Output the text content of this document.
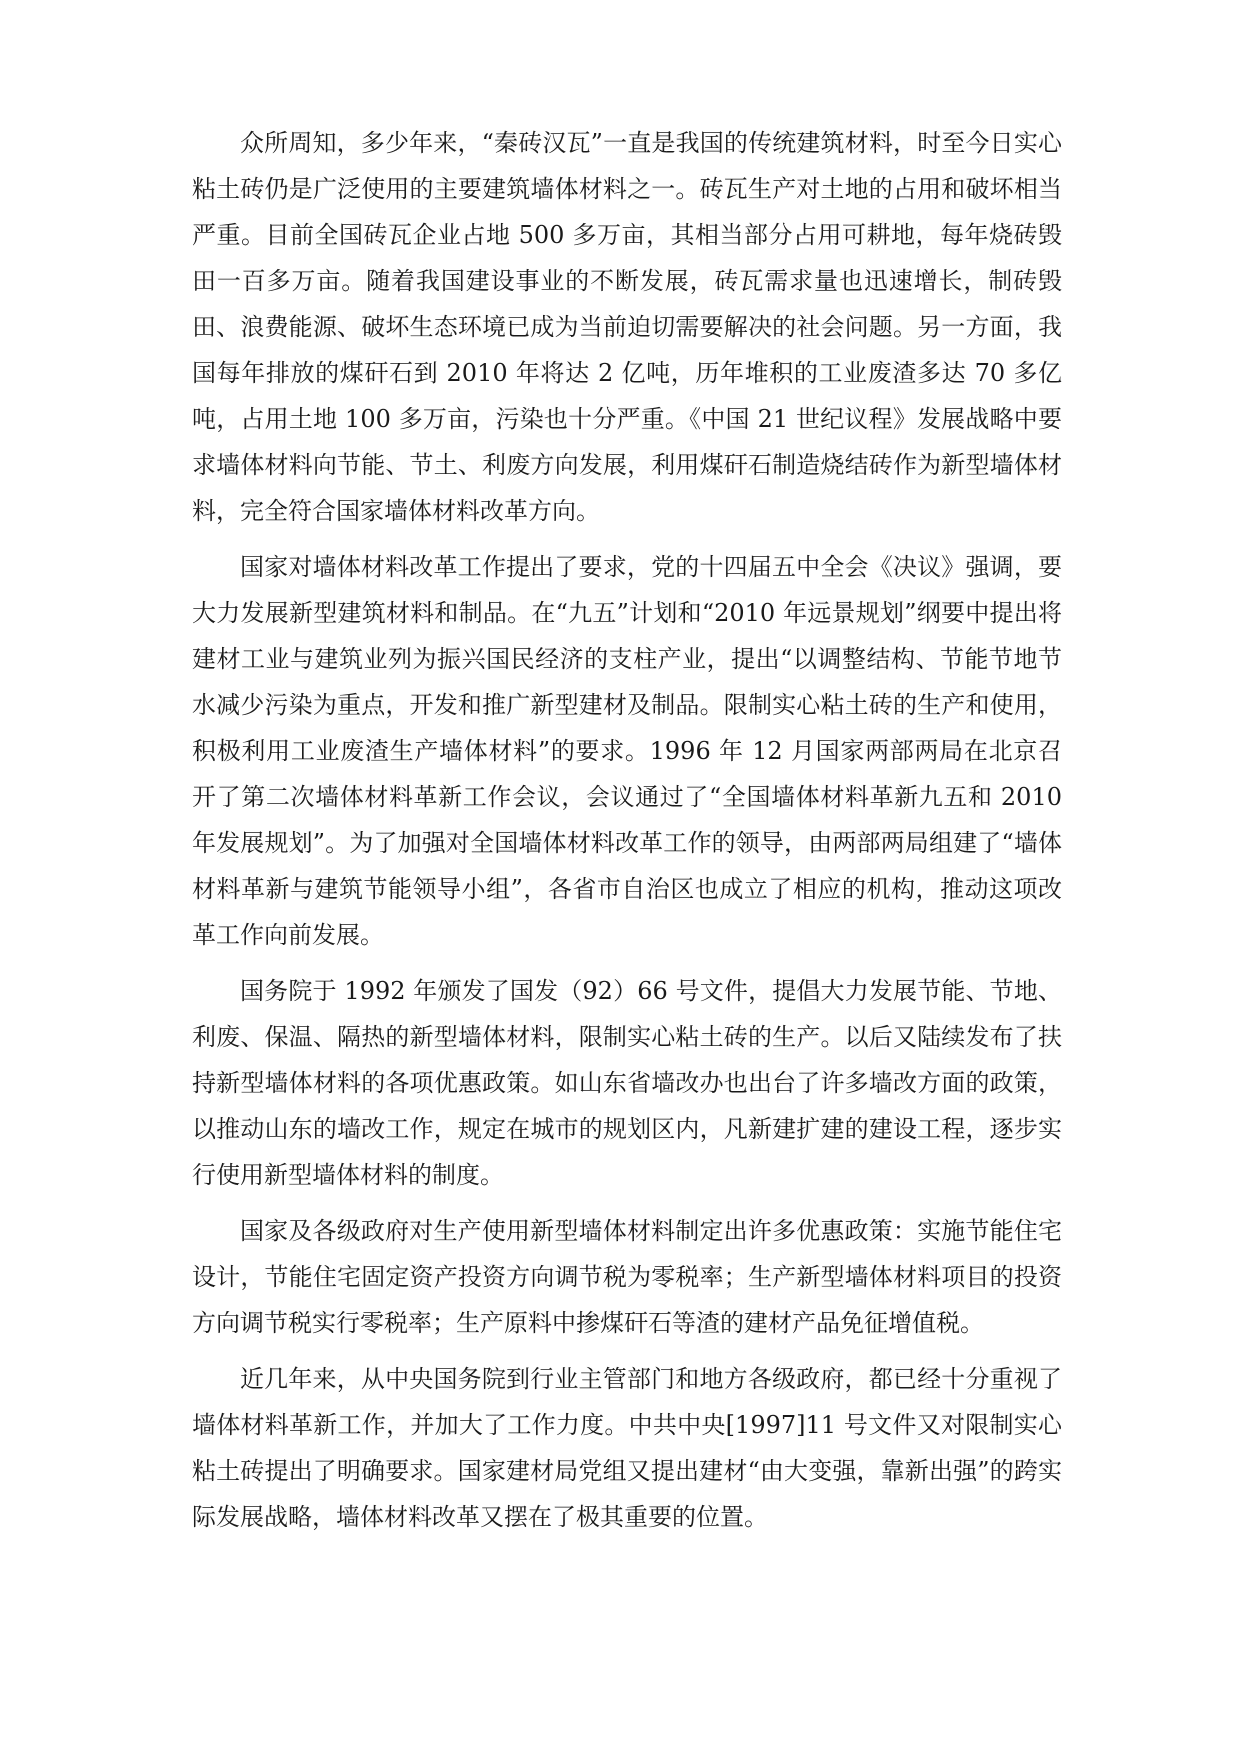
众所周知，多少年来，“秦砖汉瓦”一直是我国的传统建筑材料，时至今日实心粘土砖仍是广泛使用的主要建筑墙体材料之一。砖瓦生产对土地的占用和破坏相当严重。目前全国砖瓦企业占地 500 多万亩，其相当部分占用可耕地，每年烧砖毁田一百多万亩。随着我国建设事业的不断发展，砖瓦需求量也迅速增长，制砖毁田、浪费能源、破坏生态环境已成为当前迫切需要解决的社会问题。另一方面，我国每年排放的煤矸石到 2010 年将达 2 亿吨，历年堆积的工业废渣多达 70 多亿吨，占用土地 100 多万亩，污染也十分严重。《中国 21 世纪议程》发展战略中要求墙体材料向节能、节土、利废方向发展，利用煤矸石制造烧结砖作为新型墙体材料，完全符合国家墙体材料改革方向。

国家对墙体材料改革工作提出了要求，党的十四届五中全会《决议》强调，要大力发展新型建筑材料和制品。在“九五”计划和“2010 年远景规划”纲要中提出将建材工业与建筑业列为振兴国民经济的支柱产业，提出“以调整结构、节能节地节水减少污染为重点，开发和推广新型建材及制品。限制实心粘土砖的生产和使用，积极利用工业废渣生产墙体材料”的要求。1996 年 12 月国家两部两局在北京召开了第二次墙体材料革新工作会议，会议通过了“全国墙体材料革新九五和 2010 年发展规划”。为了加强对全国墙体材料改革工作的领导，由两部两局组建了“墙体材料革新与建筑节能领导小组”，各省市自治区也成立了相应的机构，推动这项改革工作向前发展。

国务院于 1992 年颁发了国发（92）66 号文件，提倡大力发展节能、节地、利废、保温、隔热的新型墙体材料，限制实心粘土砖的生产。以后又陆续发布了扶持新型墙体材料的各项优惠政策。如山东省墙改办也出台了许多墙改方面的政策，以推动山东的墙改工作，规定在城市的规划区内，凡新建扩建的建设工程，逐步实行使用新型墙体材料的制度。

国家及各级政府对生产使用新型墙体材料制定出许多优惠政策：实施节能住宅设计，节能住宅固定资产投资方向调节税为零税率；生产新型墙体材料项目的投资方向调节税实行零税率；生产原料中掺煤矸石等渣的建材产品免征增值税。

近几年来，从中央国务院到行业主管部门和地方各级政府，都已经十分重视了墙体材料革新工作，并加大了工作力度。中共中央[1997]11 号文件又对限制实心粘土砖提出了明确要求。国家建材局党组又提出建材“由大变强，靠新出强”的跨实际发展战略，墙体材料改革又摆在了极其重要的位置。
